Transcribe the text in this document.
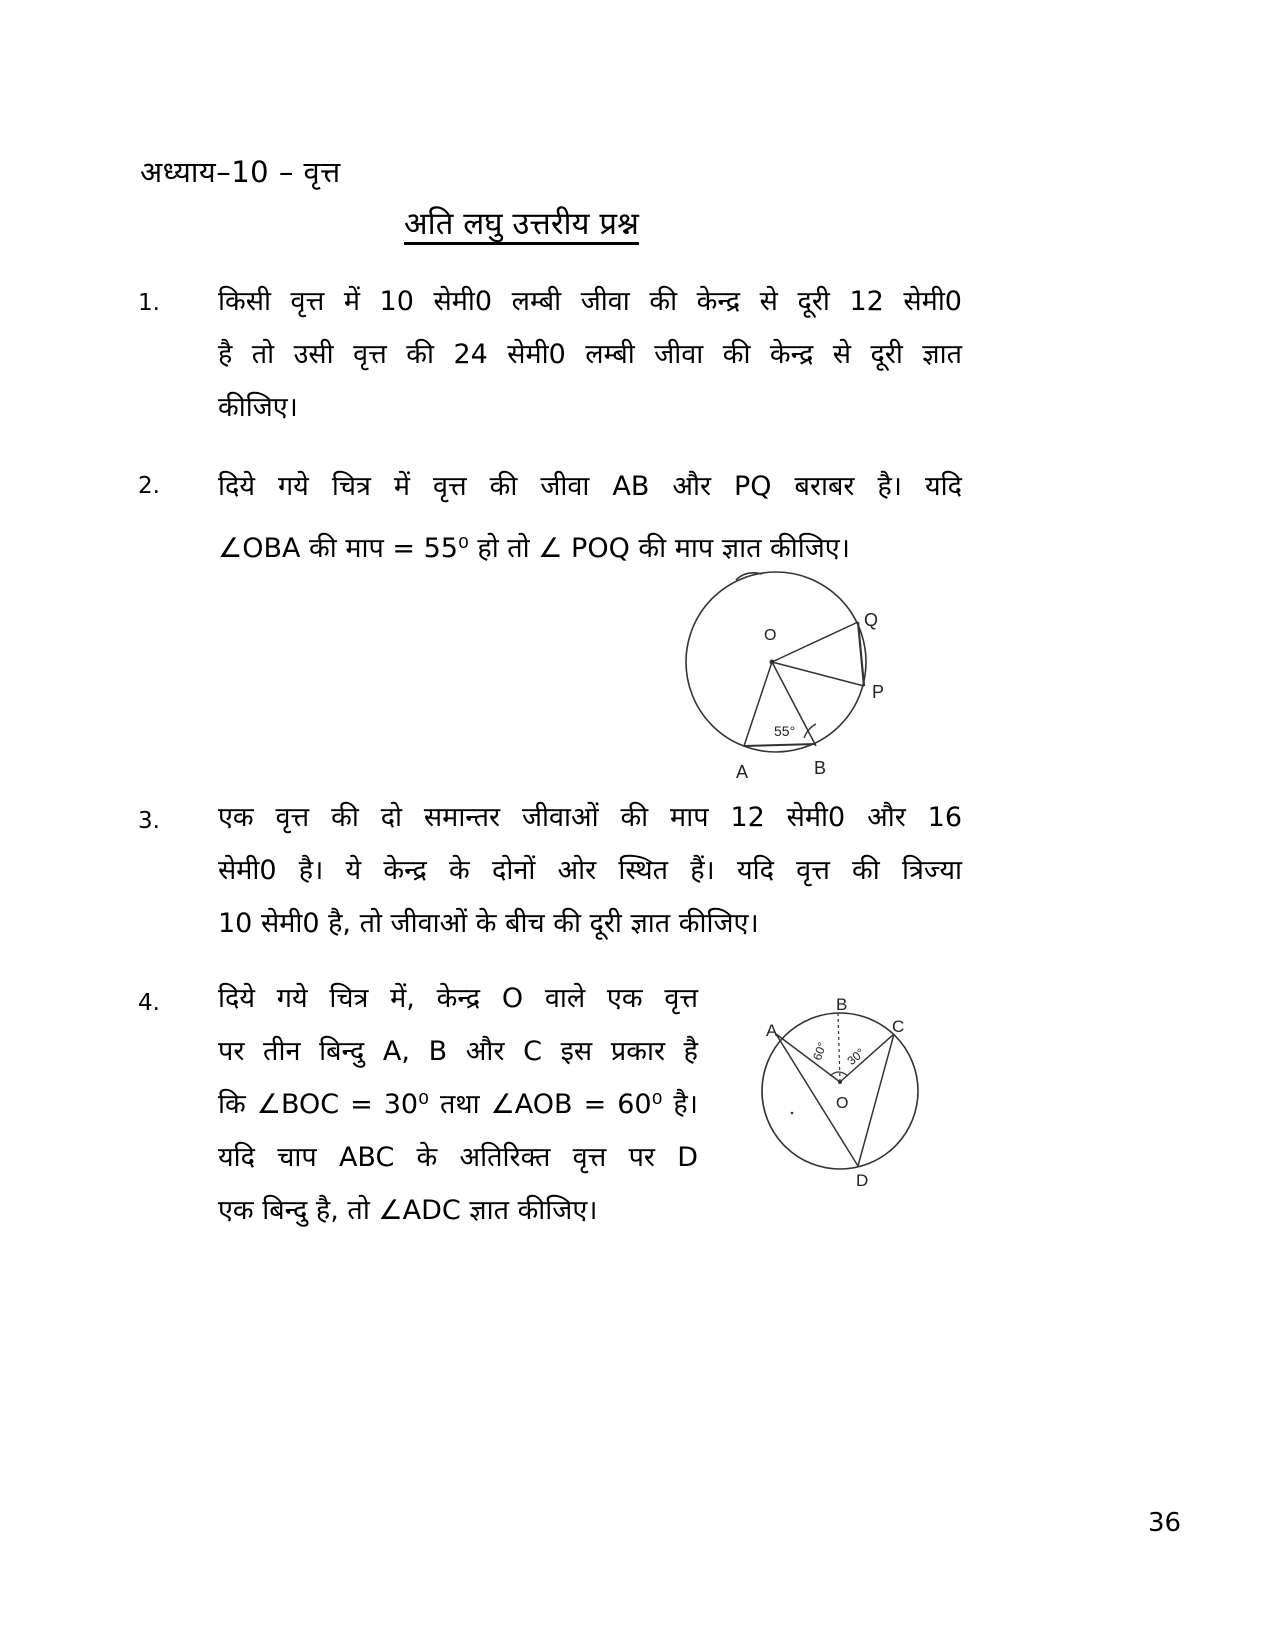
अध्याय–10 – वृत्त
अति लघु उत्तरीय प्रश्न
1. किसी वृत्त में 10 सेमी0 लम्बी जीवा की केन्द्र से दूरी 12 सेमी0
है तो उसी वृत्त की 24 सेमी0 लम्बी जीवा की केन्द्र से दूरी ज्ञात
कीजिए।
2. दिये गये चित्र में वृत्त की जीवा AB और PQ बराबर है। यदि
∠OBA की माप = 55⁰ हो तो ∠ POQ की माप ज्ञात कीजिए।
O
Q
P
A	B
55°
3. एक वृत्त की दो समान्तर जीवाओं की माप 12 सेमी0 और 16
सेमी0 है। ये केन्द्र के दोनों ओर स्थित हैं। यदि वृत्त की त्रिज्या
10 सेमी0 है, तो जीवाओं के बीच की दूरी ज्ञात कीजिए।
4. दिये गये चित्र में, केन्द्र O वाले एक वृत्त
पर तीन बिन्दु A, B और C इस प्रकार है
कि ∠BOC = 30⁰ तथा ∠AOB = 60⁰ है।
यदि चाप ABC के अतिरिक्त वृत्त पर D
एक बिन्दु है, तो ∠ADC ज्ञात कीजिए।
A
B
C
O
D
60° 30°
36
